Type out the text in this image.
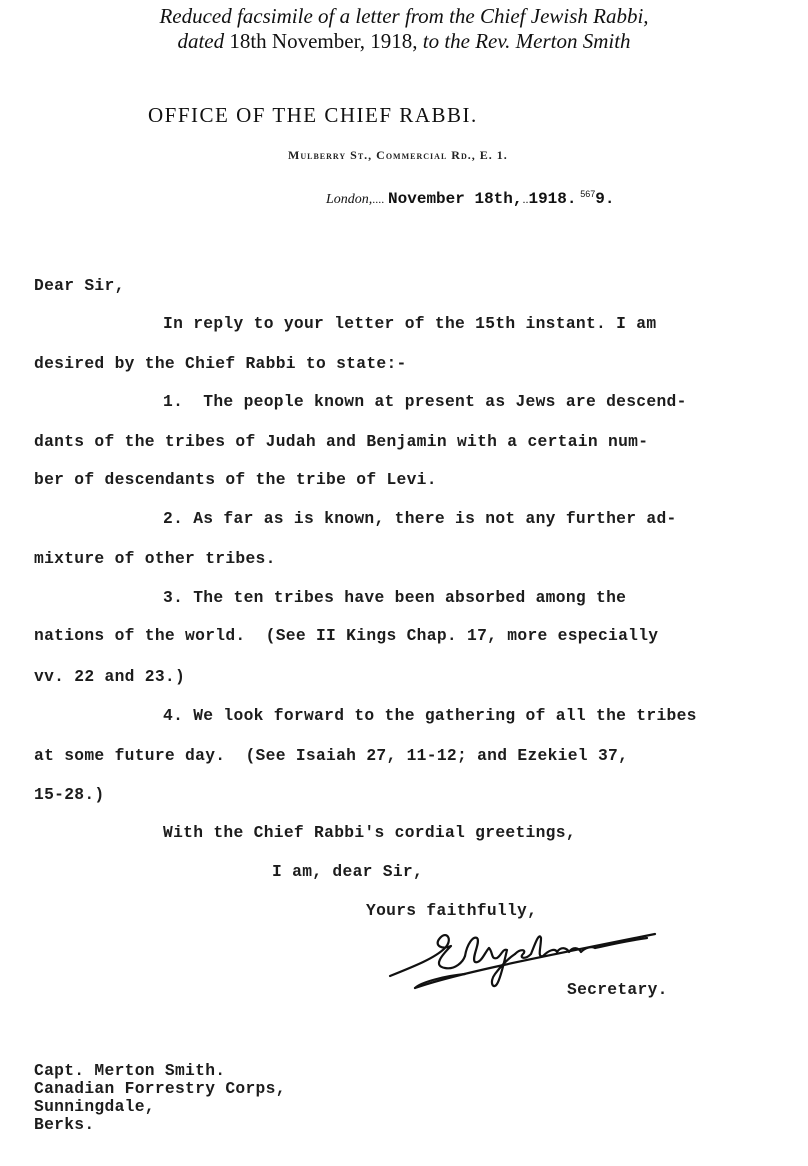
Reduced facsimile of a letter from the Chief Jewish Rabbi,
dated 18th November, 1918, to the Rev. Merton Smith
OFFICE OF THE CHIEF RABBI.
Mulberry St., Commercial Rd., E. 1.
London,.... November 18th,..1918. $^{567}$9.
Dear Sir,
In reply to your letter of the 15th instant. I am
desired by the Chief Rabbi to state:-
1.  The people known at present as Jews are descend-
dants of the tribes of Judah and Benjamin with a certain num-
ber of descendants of the tribe of Levi.
2. As far as is known, there is not any further ad-
mixture of other tribes.
3. The ten tribes have been absorbed among the
nations of the world.  (See II Kings Chap. 17, more especially
vv. 22 and 23.)
4. We look forward to the gathering of all the tribes
at some future day.  (See Isaiah 27, 11-12; and Ezekiel 37,
15-28.)
With the Chief Rabbi's cordial greetings,
I am, dear Sir,
Yours faithfully,
Secretary.
Capt. Merton Smith.
Canadian Forrestry Corps,
Sunningdale,
Berks.
